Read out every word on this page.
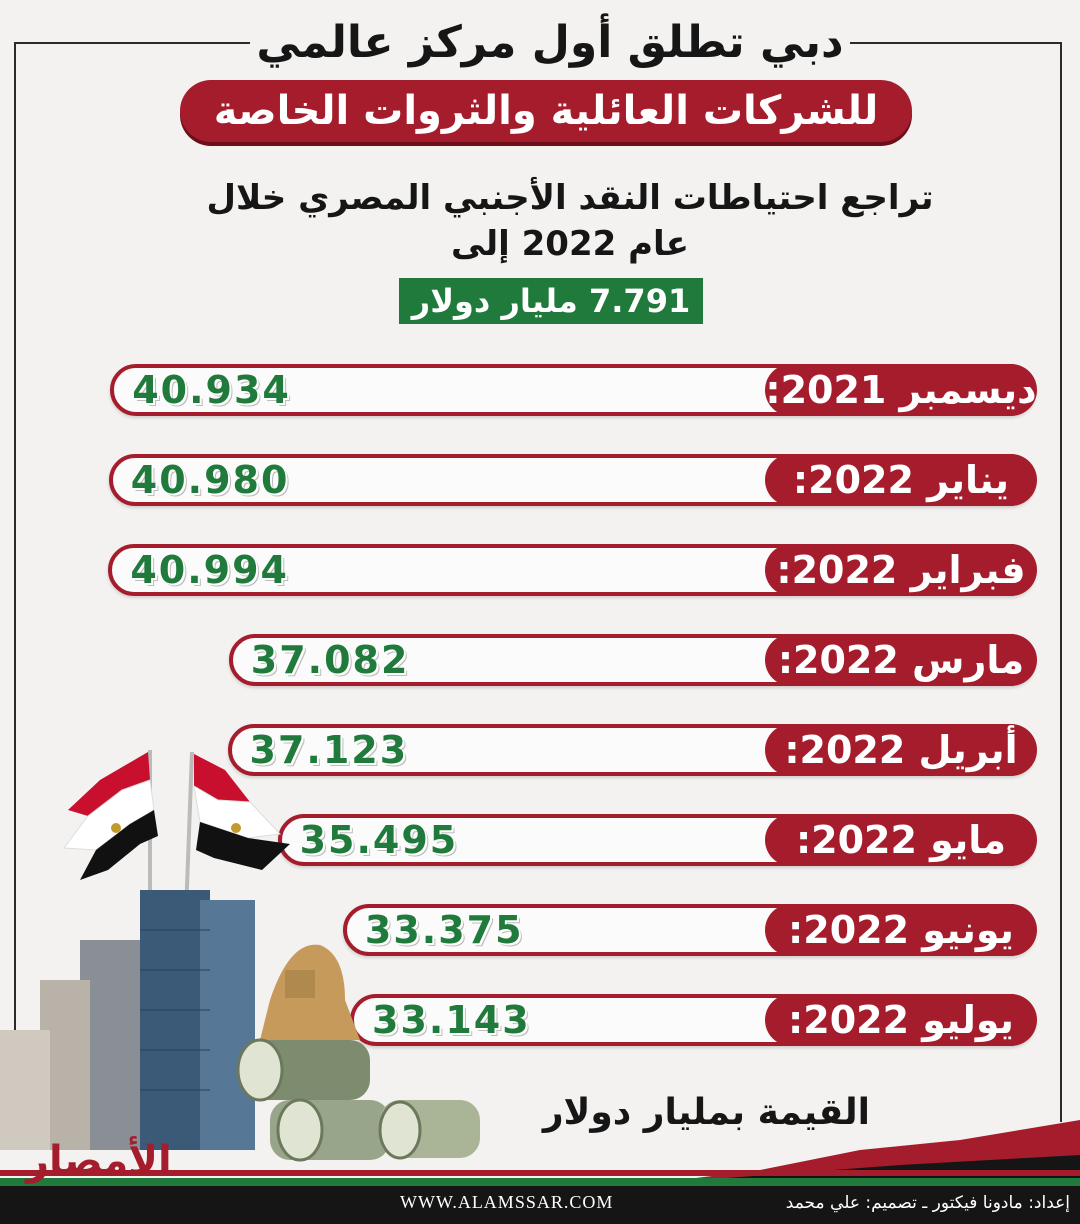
دبي تطلق أول مركز عالمي
للشركات العائلية والثروات الخاصة
تراجع احتياطات النقد الأجنبي المصري خلال
عام 2022 إلى
7.791 مليار دولار
40.934	ديسمبر 2021:
40.980	يناير 2022:
40.994	فبراير 2022:
37.082	مارس 2022:
37.123	أبريل 2022:
35.495	مايو 2022:
33.375	يونيو 2022:
33.143	يوليو 2022:
القيمة بمليار دولار
الأمصار
WWW.ALAMSSAR.COM	إعداد: مادونا فيكتور ـ تصميم: علي محمد
